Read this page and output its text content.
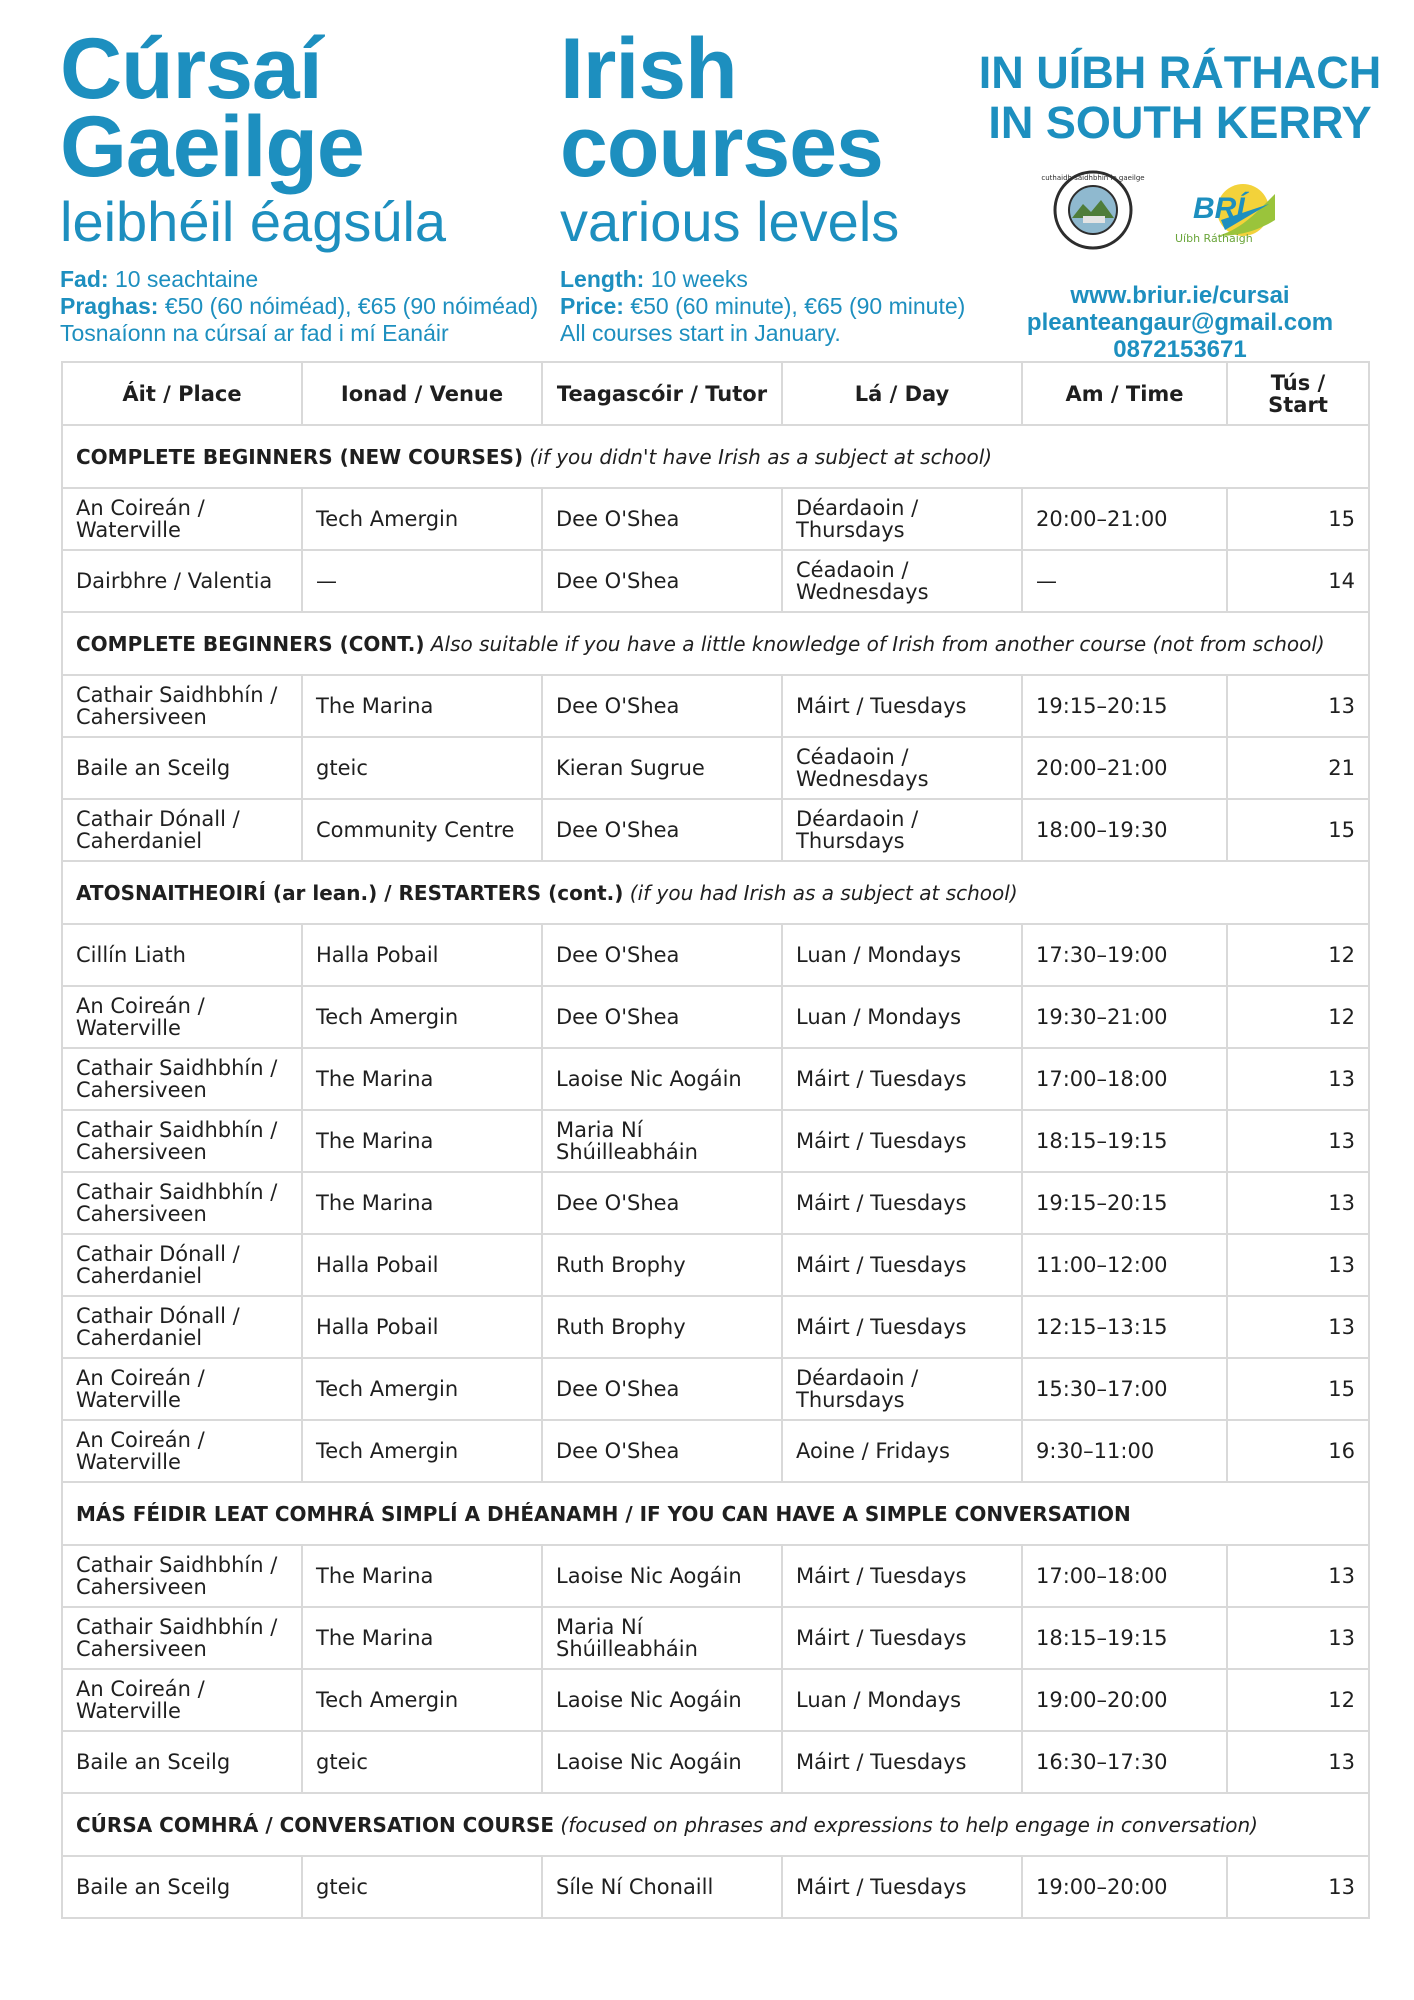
Cúrsaí
Gaeilge
leibhéil éagsúla
Fad: 10 seachtaine
Praghas: €50 (60 nóiméad), €65 (90 nóiméad)
Tosnaíonn na cúrsaí ar fad i mí Eanáir
Irish
courses
various levels
Length: 10 weeks
Price: €50 (60 minute), €65 (90 minute)
All courses start in January.
IN UÍBH RÁTHACH
IN SOUTH KERRY
cuthaidh saidhbhín le gaeilge
BRÍ
Uíbh Ráthaigh
www.briur.ie/cursai
pleanteangaur@gmail.com
0872153671
Áit / Place	Ionad / Venue	Teagascóir / Tutor	Lá / Day	Am / Time	Tús / Start
COMPLETE BEGINNERS (NEW COURSES) (if you didn't have Irish as a subject at school)					
An Coireán / Waterville	Tech Amergin	Dee O'Shea	Déardaoin / Thursdays	20:00–21:00	15
Dairbhre / Valentia	—	Dee O'Shea	Céadaoin / Wednesdays	—	14
COMPLETE BEGINNERS (CONT.) Also suitable if you have a little knowledge of Irish from another course (not from school)					
Cathair Saidhbhín / Cahersiveen	The Marina	Dee O'Shea	Máirt / Tuesdays	19:15–20:15	13
Baile an Sceilg	gteic	Kieran Sugrue	Céadaoin / Wednesdays	20:00–21:00	21
Cathair Dónall / Caherdaniel	Community Centre	Dee O'Shea	Déardaoin / Thursdays	18:00–19:30	15
ATOSNAITHEOIRÍ (ar lean.) / RESTARTERS (cont.) (if you had Irish as a subject at school)					
Cillín Liath	Halla Pobail	Dee O'Shea	Luan / Mondays	17:30–19:00	12
An Coireán / Waterville	Tech Amergin	Dee O'Shea	Luan / Mondays	19:30–21:00	12
Cathair Saidhbhín / Cahersiveen	The Marina	Laoise Nic Aogáin	Máirt / Tuesdays	17:00–18:00	13
Cathair Saidhbhín / Cahersiveen	The Marina	Maria Ní Shúilleabháin	Máirt / Tuesdays	18:15–19:15	13
Cathair Saidhbhín / Cahersiveen	The Marina	Dee O'Shea	Máirt / Tuesdays	19:15–20:15	13
Cathair Dónall / Caherdaniel	Halla Pobail	Ruth Brophy	Máirt / Tuesdays	11:00–12:00	13
Cathair Dónall / Caherdaniel	Halla Pobail	Ruth Brophy	Máirt / Tuesdays	12:15–13:15	13
An Coireán / Waterville	Tech Amergin	Dee O'Shea	Déardaoin / Thursdays	15:30–17:00	15
An Coireán / Waterville	Tech Amergin	Dee O'Shea	Aoine / Fridays	9:30–11:00	16
MÁS FÉIDIR LEAT COMHRÁ SIMPLÍ A DHÉANAMH / IF YOU CAN HAVE A SIMPLE CONVERSATION					
Cathair Saidhbhín / Cahersiveen	The Marina	Laoise Nic Aogáin	Máirt / Tuesdays	17:00–18:00	13
Cathair Saidhbhín / Cahersiveen	The Marina	Maria Ní Shúilleabháin	Máirt / Tuesdays	18:15–19:15	13
An Coireán / Waterville	Tech Amergin	Laoise Nic Aogáin	Luan / Mondays	19:00–20:00	12
Baile an Sceilg	gteic	Laoise Nic Aogáin	Máirt / Tuesdays	16:30–17:30	13
CÚRSA COMHRÁ / CONVERSATION COURSE (focused on phrases and expressions to help engage in conversation)					
Baile an Sceilg	gteic	Síle Ní Chonaill	Máirt / Tuesdays	19:00–20:00	13
